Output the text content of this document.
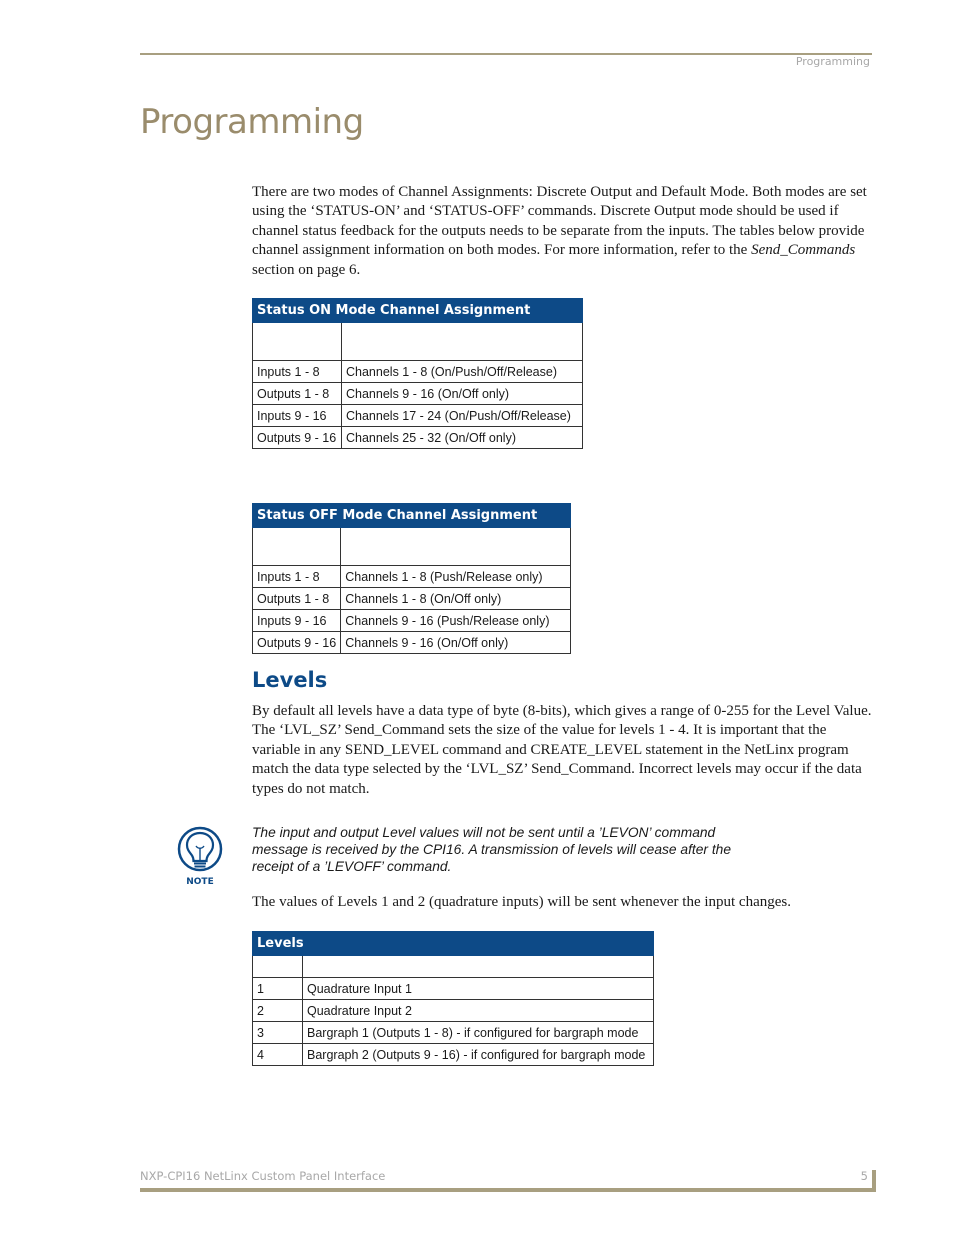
Programming
Programming

There are two modes of Channel Assignments: Discrete Output and Default Mode. Both modes are set using the ‘STATUS-ON’ and ‘STATUS-OFF’ commands. Discrete Output mode should be used if channel status feedback for the outputs needs to be separate from the inputs. The tables below provide channel assignment information on both modes. For more information, refer to the Send_Commands section on page 6.

Status ON Mode Channel Assignment	

Inputs 1 - 8	Channels 1 - 8 (On/Push/Off/Release)
Outputs 1 - 8	Channels 9 - 16 (On/Off only)
Inputs 9 - 16	Channels 17 - 24 (On/Push/Off/Release)
Outputs 9 - 16	Channels 25 - 32 (On/Off only)
Status OFF Mode Channel Assignment	

Inputs 1 - 8	Channels 1 - 8 (Push/Release only)
Outputs 1 - 8	Channels 1 - 8 (On/Off only)
Inputs 9 - 16	Channels 9 - 16 (Push/Release only)
Outputs 9 - 16	Channels 9 - 16 (On/Off only)
Levels

By default all levels have a data type of byte (8-bits), which gives a range of 0-255 for the Level Value. The ‘LVL_SZ’ Send_Command sets the size of the value for levels 1 - 4. It is important that the variable in any SEND_LEVEL command and CREATE_LEVEL statement in the NetLinx program match the data type selected by the ‘LVL_SZ’ Send_Command. Incorrect levels may occur if the data types do not match.

NOTE

The input and output Level values will not be sent until a ’LEVON’ command message is received by the CPI16. A transmission of levels will cease after the receipt of a ’LEVOFF’ command.

The values of Levels 1 and 2 (quadrature inputs) will be sent whenever the input changes.

Levels	

1	Quadrature Input 1
2	Quadrature Input 2
3	Bargraph 1 (Outputs 1 - 8) - if configured for bargraph mode
4	Bargraph 2 (Outputs 9 - 16) - if configured for bargraph mode
NXP-CPI16 NetLinx Custom Panel Interface	5
